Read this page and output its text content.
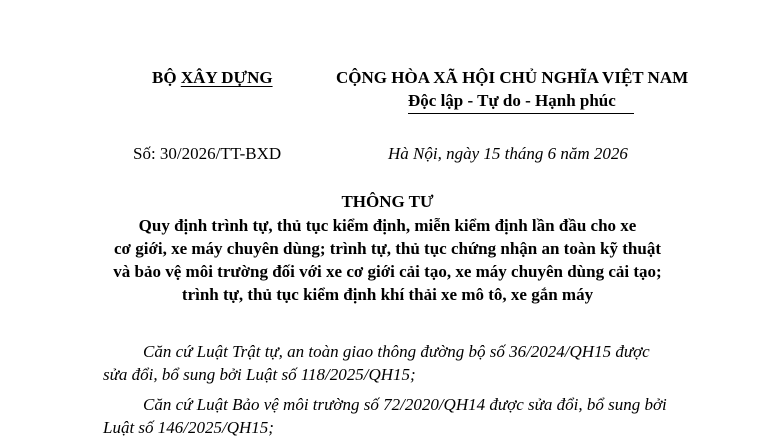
BỘ XÂY DỰNG	CỘNG HÒA XÃ HỘI CHỦ NGHĨA VIỆT NAM
Độc lập - Tự do - Hạnh phúc
Số: 30/2026/TT-BXD	Hà Nội, ngày 15 tháng 6 năm 2026
THÔNG TƯ
Quy định trình tự, thủ tục kiểm định, miễn kiểm định lần đầu cho xe
cơ giới, xe máy chuyên dùng; trình tự, thủ tục chứng nhận an toàn kỹ thuật
và bảo vệ môi trường đối với xe cơ giới cải tạo, xe máy chuyên dùng cải tạo;
trình tự, thủ tục kiểm định khí thải xe mô tô, xe gắn máy
Căn cứ Luật Trật tự, an toàn giao thông đường bộ số 36/2024/QH15 được
sửa đổi, bổ sung bởi Luật số 118/2025/QH15;
Căn cứ Luật Bảo vệ môi trường số 72/2020/QH14 được sửa đổi, bổ sung bởi
Luật số 146/2025/QH15;
